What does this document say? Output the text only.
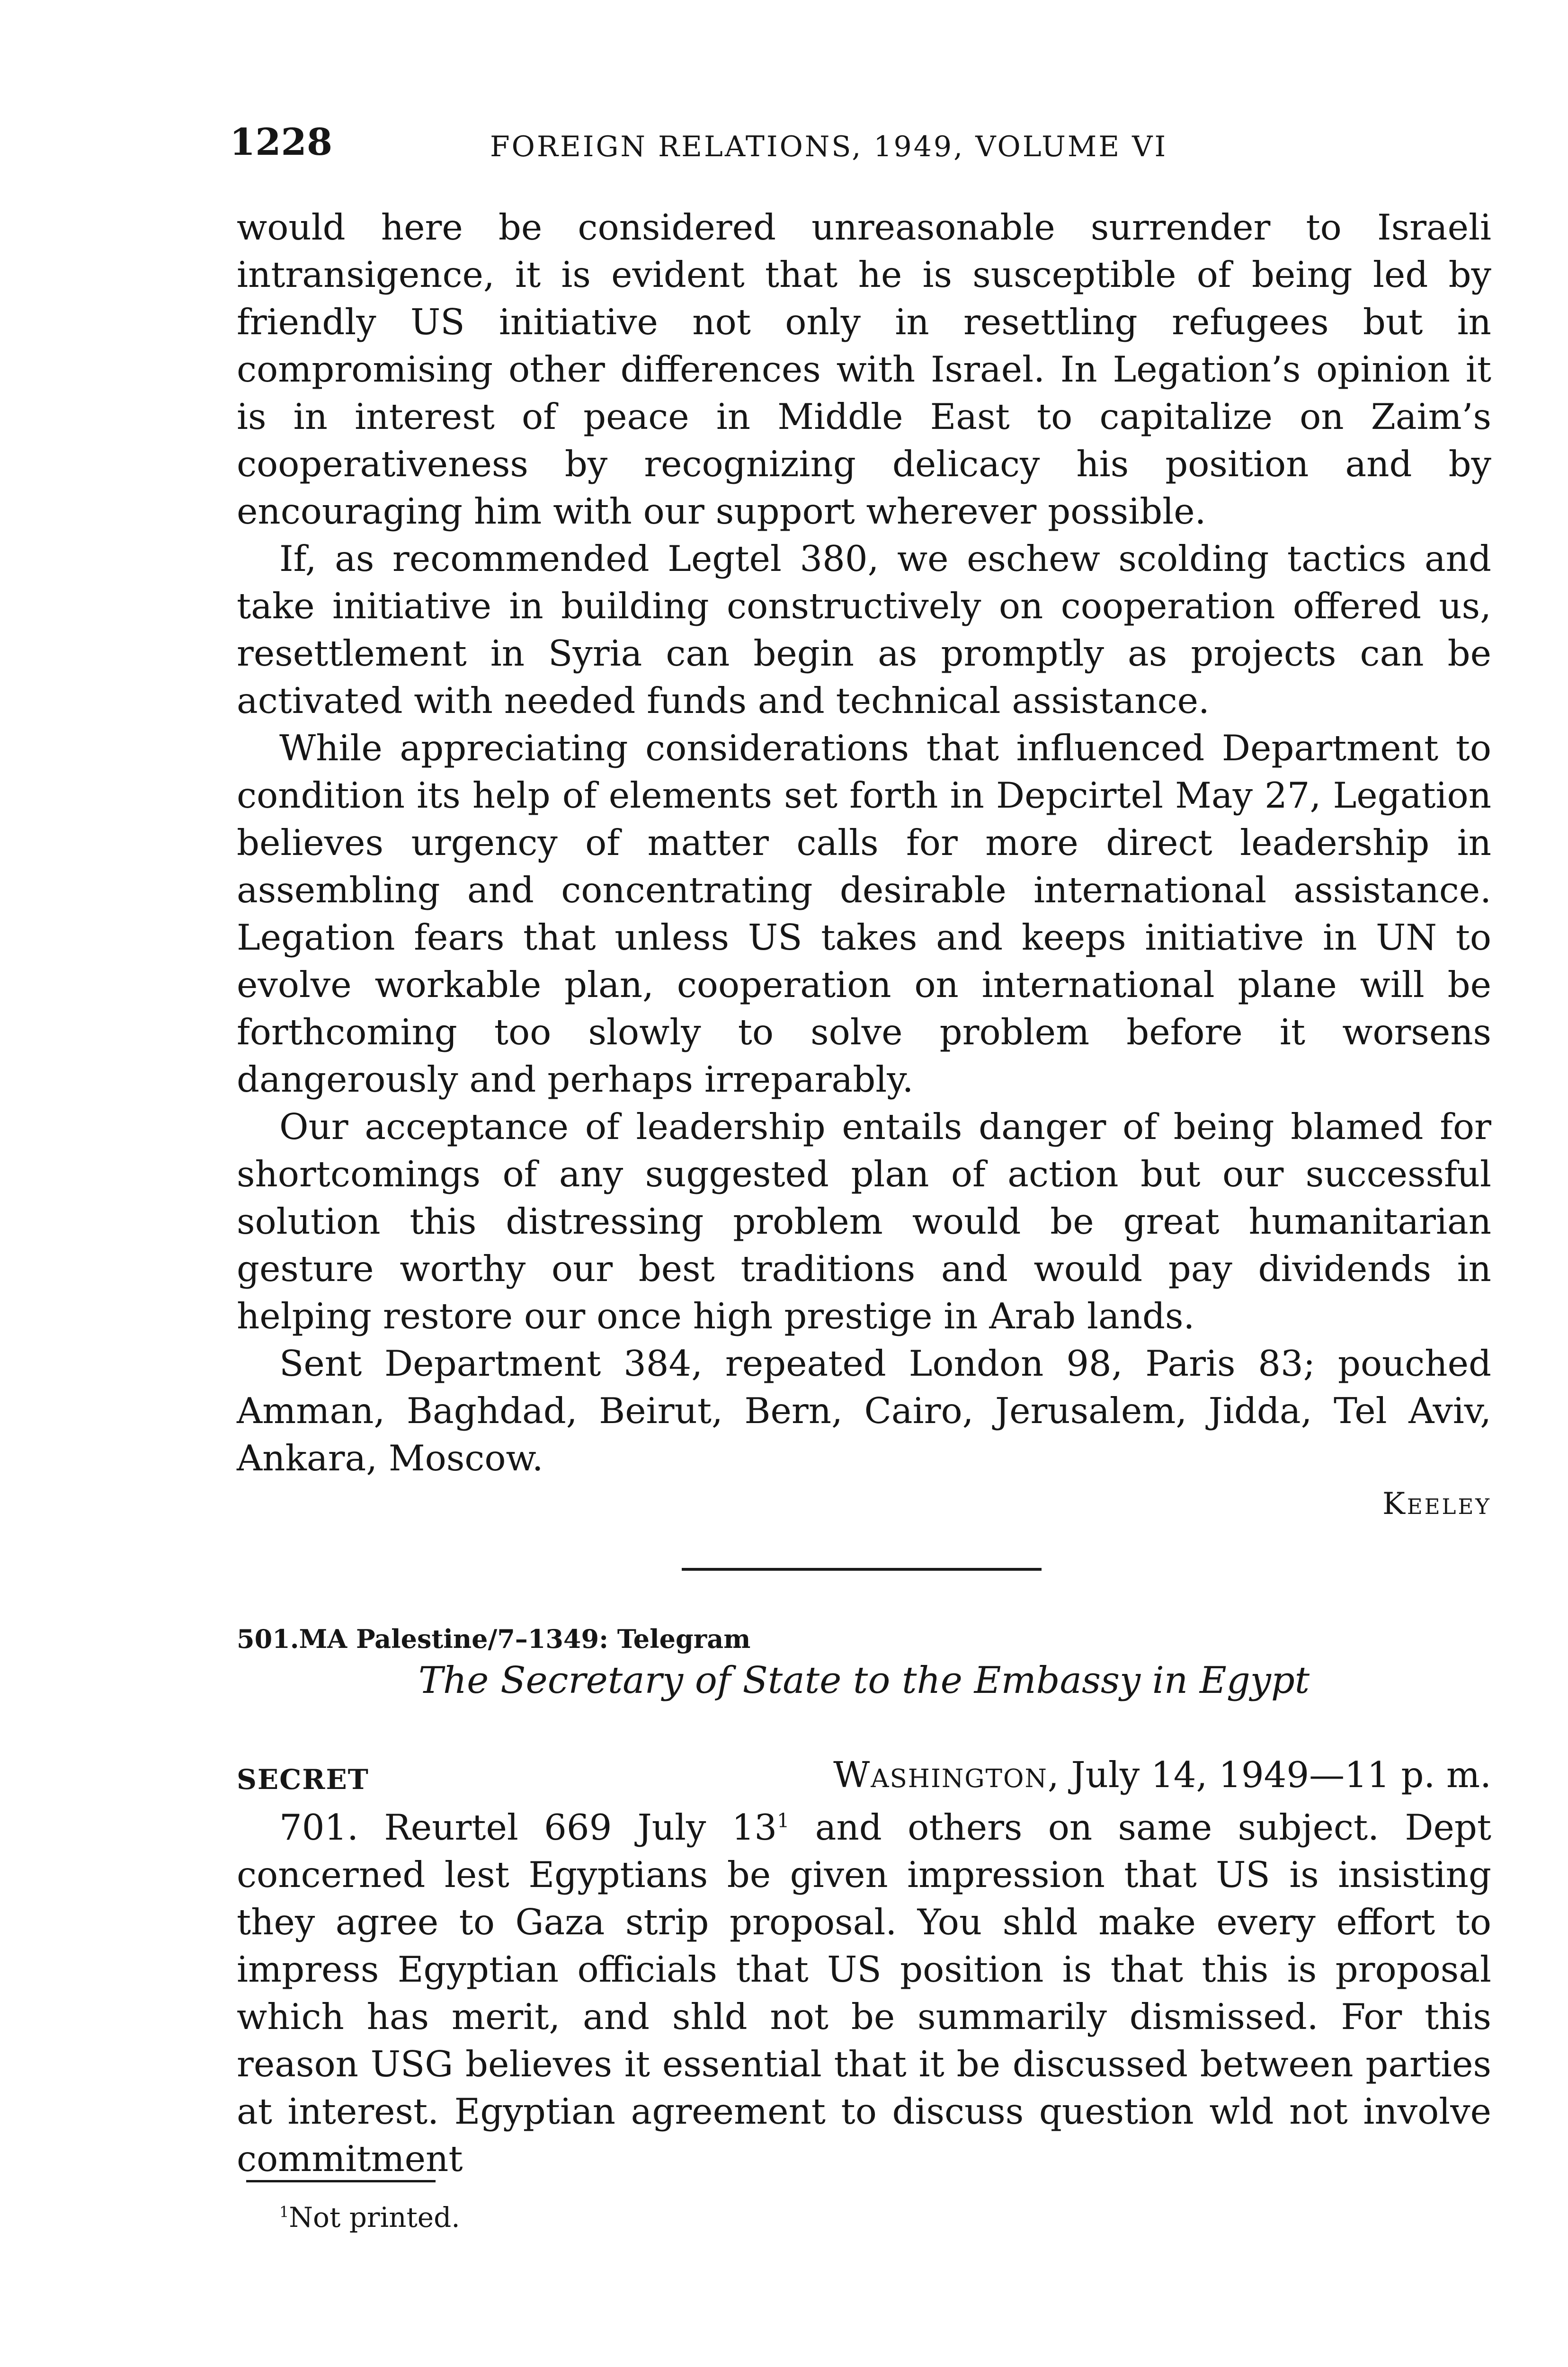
1228	FOREIGN RELATIONS, 1949, VOLUME VI

would here be considered unreasonable surrender to Israeli intransigence, it is evident that he is susceptible of being led by friendly US initiative not only in resettling refugees but in compromising other differences with Israel. In Legation’s opinion it is in interest of peace in Middle East to capitalize on Zaim’s cooperativeness by recognizing delicacy his position and by encouraging him with our support wherever possible.

If, as recommended Legtel 380, we eschew scolding tactics and take initiative in building constructively on cooperation offered us, resettlement in Syria can begin as promptly as projects can be activated with needed funds and technical assistance.

While appreciating considerations that influenced Department to condition its help of elements set forth in Depcirtel May 27, Legation believes urgency of matter calls for more direct leadership in assembling and concentrating desirable international assistance. Legation fears that unless US takes and keeps initiative in UN to evolve workable plan, cooperation on international plane will be forthcoming too slowly to solve problem before it worsens dangerously and perhaps irreparably.

Our acceptance of leadership entails danger of being blamed for shortcomings of any suggested plan of action but our successful solution this distressing problem would be great humanitarian gesture worthy our best traditions and would pay dividends in helping restore our once high prestige in Arab lands.

Sent Department 384, repeated London 98, Paris 83; pouched Amman, Baghdad, Beirut, Bern, Cairo, Jerusalem, Jidda, Tel Aviv, Ankara, Moscow.

Keeley
501.MA Palestine/7–1349: Telegram
The Secretary of State to the Embassy in Egypt
SECRET	Washington, July 14, 1949—11 p. m.

701. Reurtel 669 July $13^1$ and others on same subject. Dept concerned lest Egyptians be given impression that US is insisting they agree to Gaza strip proposal. You shld make every effort to impress Egyptian officials that US position is that this is proposal which has merit, and shld not be summarily dismissed. For this reason USG believes it essential that it be discussed between parties at interest. Egyptian agreement to discuss question wld not involve commitment

$^1$Not printed.
